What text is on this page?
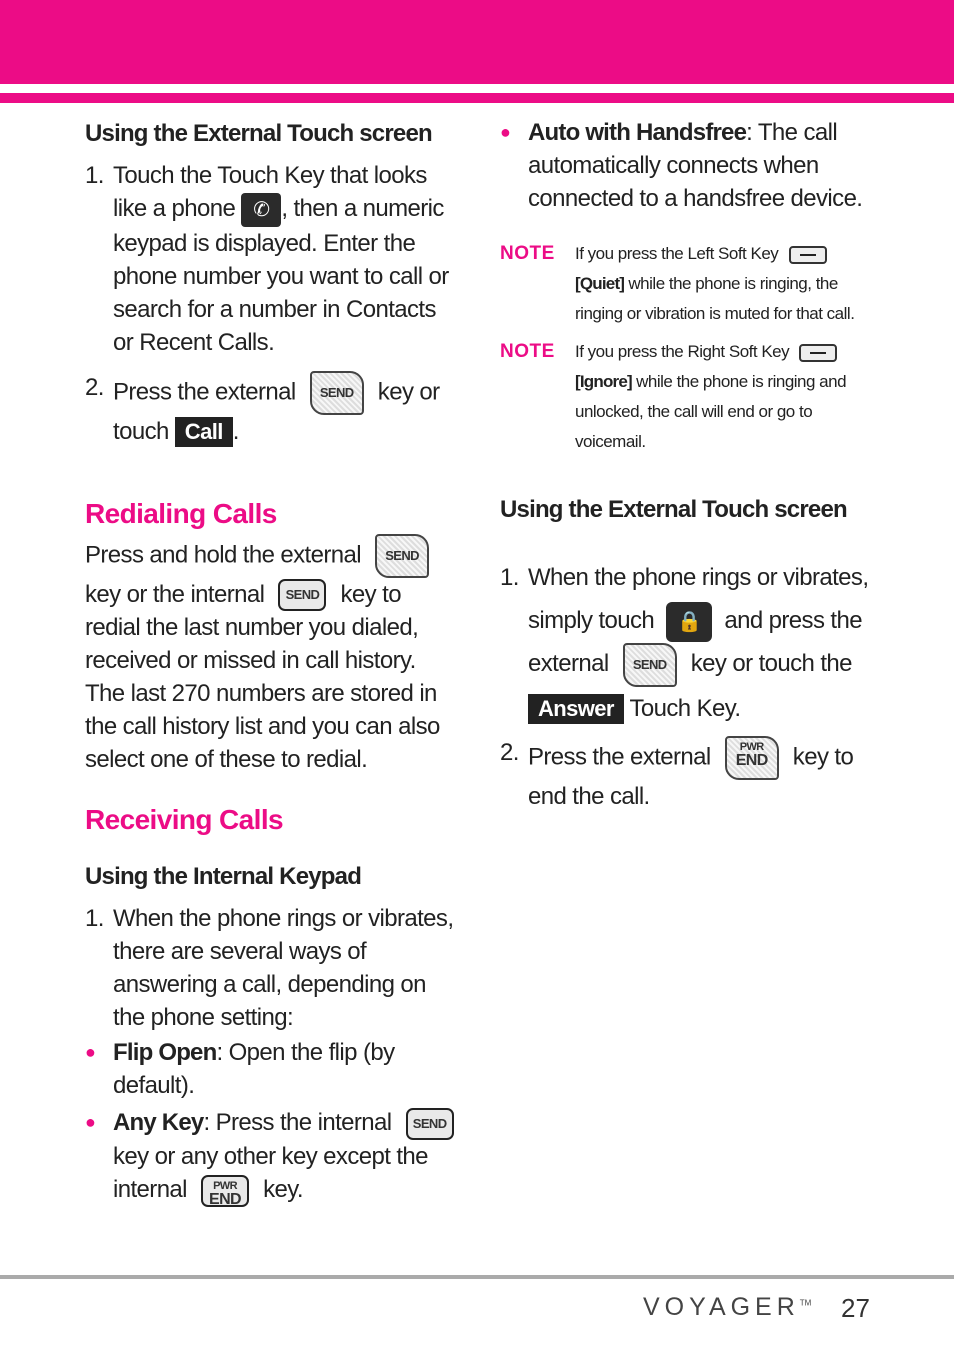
Using the External Touch screen

1. Touch the Touch Key that looks like a phone ✆ , then a numeric keypad is displayed. Enter the phone number you want to call or search for a number in Contacts or Recent Calls.
2. Press the external SEND key or touch Call .

Redialing Calls

Press and hold the external SEND key or the internal SEND key to redial the last number you dialed, received or missed in call history. The last 270 numbers are stored in the call history list and you can also select one of these to redial.

Receiving Calls

Using the Internal Keypad

1. When the phone rings or vibrates, there are several ways of answering a call, depending on the phone setting:
● Flip Open: Open the flip (by default).
● Any Key: Press the internal SEND key or any other key except the internal PWR
END key.
● Auto with Handsfree: The call automatically connects when connected to a handsfree device.
NOTE	If you press the Left Soft Key
[Quiet] while the phone is ringing, the ringing or vibration is muted for that call.
NOTE	If you press the Right Soft Key
[Ignore] while the phone is ringing and unlocked, the call will end or go to voicemail.

Using the External Touch screen

1. When the phone rings or vibrates, simply touch 🔒 and press the external SEND key or touch the Answer Touch Key.
2. Press the external	PWR
END	key to end the call.
VOYAGER™ 27
